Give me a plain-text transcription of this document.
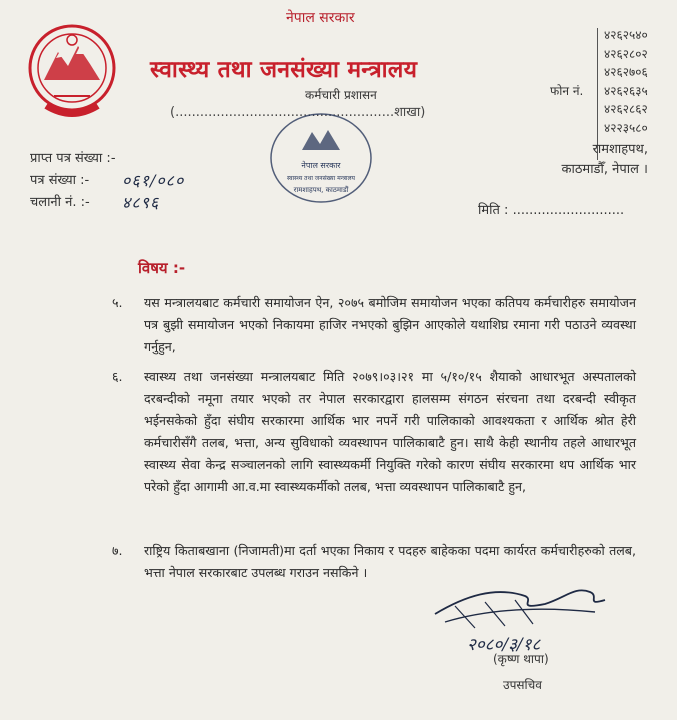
नेपाल सरकार
स्वास्थ्य तथा जनसंख्या मन्त्रालय
कर्मचारी प्रशासन
(.....................................................शाखा)
नेपाल सरकार
स्वास्थ्य तथा जनसंख्या मन्त्रालय
रामशाहपथ, काठमाडौं
फोन नं.
४२६२५४०
४२६२८०२
४२६२७०६
४२६२६३५
४२६२८६२
४२२३५८०
रामशाहपथ,
काठमाडौँ, नेपाल ।
प्राप्त पत्र संख्या :-
पत्र संख्या :-	०६१/०८०
चलानी नं. :-	४८९६	मिति : ...........................
विषय :-
५. यस मन्त्रालयबाट कर्मचारी समायोजन ऐन, २०७५ बमोजिम समायोजन भएका कतिपय कर्मचारीहरु समायोजन पत्र बुझी समायोजन भएको निकायमा हाजिर नभएको बुझिन आएकोले यथाशिघ्र रमाना गरी पठाउने व्यवस्था गर्नुहुन,
६. स्वास्थ्य तथा जनसंख्या मन्त्रालयबाट मिति २०७९।०३।२१ मा ५/१०/१५ शैयाको आधारभूत अस्पतालको दरबन्दीको नमूना तयार भएको तर नेपाल सरकारद्वारा हालसम्म संगठन संरचना तथा दरबन्दी स्वीकृत भईनसकेको हुँदा संघीय सरकारमा आर्थिक भार नपर्ने गरी पालिकाको आवश्यकता र आर्थिक श्रोत हेरी कर्मचारीसँगै तलब, भत्ता, अन्य सुविधाको व्यवस्थापन पालिकाबाटै हुन। साथै केही स्थानीय तहले आधारभूत स्वास्थ्य सेवा केन्द्र सञ्चालनको लागि स्वास्थ्यकर्मी नियुक्ति गरेको कारण संघीय सरकारमा थप आर्थिक भार परेको हुँदा आगामी आ.व.मा स्वास्थ्यकर्मीको तलब, भत्ता व्यवस्थापन पालिकाबाटै हुन,
७. राष्ट्रिय किताबखाना (निजामती)मा दर्ता भएका निकाय र पदहरु बाहेकका पदमा कार्यरत कर्मचारीहरुको तलब, भत्ता नेपाल सरकारबाट उपलब्ध गराउन नसकिने ।
२०८०/३/१८
(कृष्ण थापा)
उपसचिव
